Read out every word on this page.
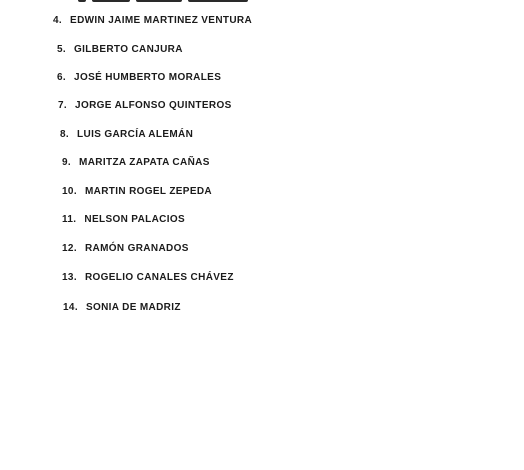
4. EDWIN JAIME MARTINEZ VENTURA
5. GILBERTO CANJURA
6. JOSÉ HUMBERTO MORALES
7. JORGE ALFONSO QUINTEROS
8. LUIS GARCÍA ALEMÁN
9. MARITZA ZAPATA CAÑAS
10. MARTIN ROGEL ZEPEDA
11. NELSON PALACIOS
12. RAMÓN GRANADOS
13. ROGELIO CANALES CHÁVEZ
14. SONIA DE MADRIZ
